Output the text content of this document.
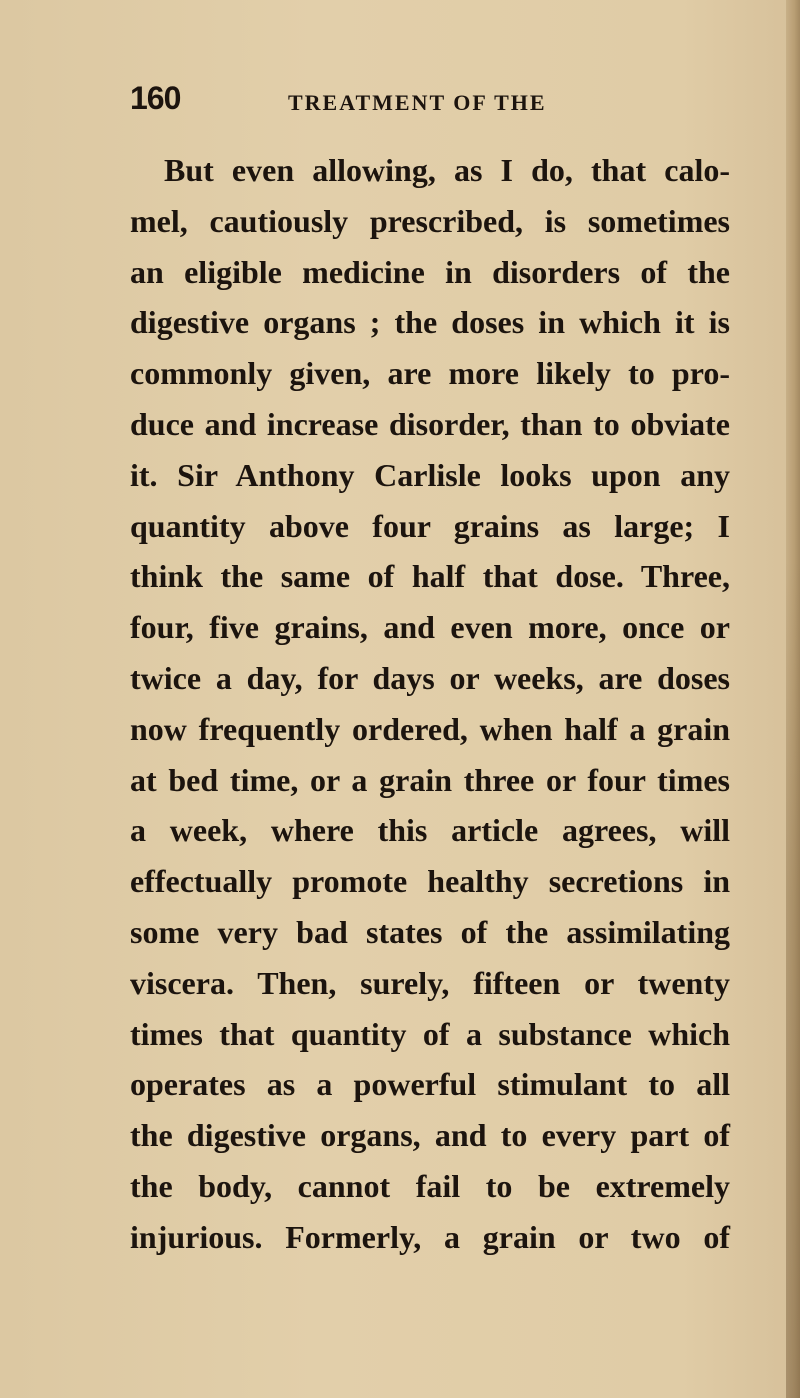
160	TREATMENT OF THE
But even allowing, as I do, that calo-
mel, cautiously prescribed, is sometimes
an eligible medicine in disorders of the
digestive organs ; the doses in which it is
commonly given, are more likely to pro-
duce and increase disorder, than to obviate
it. Sir Anthony Carlisle looks upon any
quantity above four grains as large; I
think the same of half that dose. Three,
four, five grains, and even more, once or
twice a day, for days or weeks, are doses
now frequently ordered, when half a grain
at bed time, or a grain three or four times
a week, where this article agrees, will
effectually promote healthy secretions in
some very bad states of the assimilating
viscera. Then, surely, fifteen or twenty
times that quantity of a substance which
operates as a powerful stimulant to all
the digestive organs, and to every part of
the body, cannot fail to be extremely
injurious. Formerly, a grain or two of
